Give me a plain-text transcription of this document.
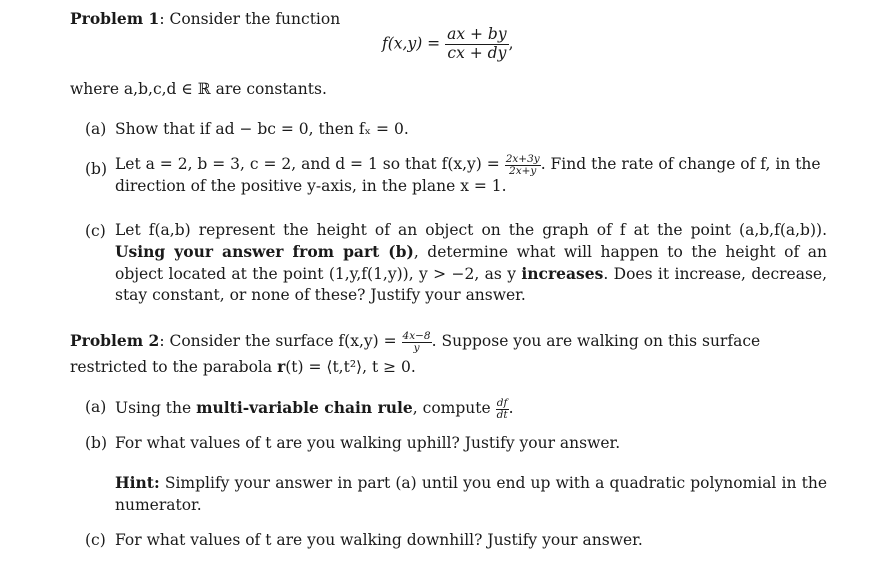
Problem 1: Consider the function
$f(x,y) = \frac{ax + by}{cx + dy}$ ,
where a,b,c,d ∈ ℝ are constants.
(a) Show that if ad − bc = 0, then fₓ = 0.
(b) Let a = 2, b = 3, c = 2, and d = 1 so that $f(x,y) = \frac{2x+3y}{2x+y}$ . Find the rate of change of f, in the direction of the positive y-axis, in the plane x = 1.
(c) Let f(a,b) represent the height of an object on the graph of f at the point (a,b,f(a,b)). Using your answer from part (b), determine what will happen to the height of an object located at the point (1,y,f(1,y)), y > −2, as y increases. Does it increase, decrease, stay constant, or none of these? Justify your answer.
Problem 2: Consider the surface $f(x,y) = \frac{4x-8}{y}$ . Suppose you are walking on this surface restricted to the parabola r(t) = ⟨t,t²⟩, t ≥ 0.
(a) Using the multi-variable chain rule, compute $\frac{df}{dt}$ .
(b) For what values of t are you walking uphill? Justify your answer.
Hint: Simplify your answer in part (a) until you end up with a quadratic polynomial in the numerator.
(c) For what values of t are you walking downhill? Justify your answer.
